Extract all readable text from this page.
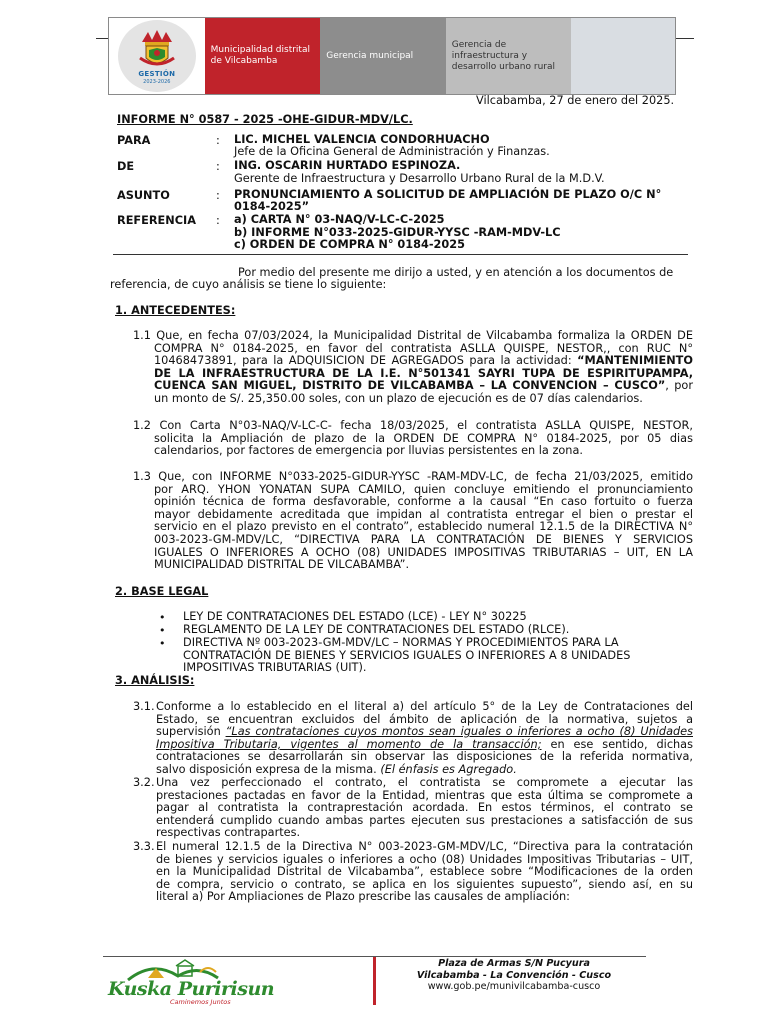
GESTIÓN
2023-2026
Municipalidad distrital de Vilcabamba
Gerencia municipal
Gerencia de infraestructura y desarrollo urbano rural
Vilcabamba, 27 de enero del 2025.
INFORME N° 0587 - 2025 -OHE-GIDUR-MDV/LC.
PARA	: LIC. MICHEL VALENCIA CONDORHUACHO
Jefe de la Oficina General de Administración y Finanzas.
DE	: ING. OSCARIN HURTADO ESPINOZA.
Gerente de Infraestructura y Desarrollo Urbano Rural de la M.D.V.
ASUNTO	: PRONUNCIAMIENTO A SOLICITUD DE AMPLIACIÓN DE PLAZO O/C N°
0184-2025”
REFERENCIA : a) CARTA N° 03-NAQ/V-LC-C-2025
b) INFORME N°033-2025-GIDUR-YYSC -RAM-MDV-LC
c) ORDEN DE COMPRA N° 0184-2025
Por medio del presente me dirijo a usted, y en atención a los documentos de
referencia, de cuyo análisis se tiene lo siguiente:
1. ANTECEDENTES:
1.1 Que, en fecha 07/03/2024, la Municipalidad Distrital de Vilcabamba formaliza la ORDEN DE
COMPRA N° 0184-2025, en favor del contratista ASLLA QUISPE, NESTOR,, con RUC N°
10468473891, para la ADQUISICION DE AGREGADOS para la actividad: “MANTENIMIENTO
DE LA INFRAESTRUCTURA DE LA I.E. N°501341 SAYRI TUPA DE ESPIRITUPAMPA,
CUENCA SAN MIGUEL, DISTRITO DE VILCABAMBA – LA CONVENCION – CUSCO”, por
un monto de S/. 25,350.00 soles, con un plazo de ejecución es de 07 días calendarios.
1.2 Con Carta N°03-NAQ/V-LC-C- fecha 18/03/2025, el contratista ASLLA QUISPE, NESTOR,
solicita la Ampliación de plazo de la ORDEN DE COMPRA N° 0184-2025, por 05 dias
calendarios, por factores de emergencia por lluvias persistentes en la zona.
1.3 Que, con INFORME N°033-2025-GIDUR-YYSC -RAM-MDV-LC, de fecha 21/03/2025, emitido
por ARQ. YHON YONATAN SUPA CAMILO, quien concluye emitiendo el pronunciamiento
opinión técnica de forma desfavorable, conforme a la causal “En caso fortuito o fuerza
mayor debidamente acreditada que impidan al contratista entregar el bien o prestar el
servicio en el plazo previsto en el contrato”, establecido numeral 12.1.5 de la DIRECTIVA N°
003-2023-GM-MDV/LC, “DIRECTIVA PARA LA CONTRATACIÓN DE BIENES Y SERVICIOS
IGUALES O INFERIORES A OCHO (08) UNIDADES IMPOSITIVAS TRIBUTARIAS – UIT, EN LA
MUNICIPALIDAD DISTRITAL DE VILCABAMBA”.
2. BASE LEGAL
• LEY DE CONTRATACIONES DEL ESTADO (LCE) - LEY N° 30225
• REGLAMENTO DE LA LEY DE CONTRATACIONES DEL ESTADO (RLCE).
• DIRECTIVA Nº 003-2023-GM-MDV/LC – NORMAS Y PROCEDIMIENTOS PARA LA
CONTRATACIÓN DE BIENES Y SERVICIOS IGUALES O INFERIORES A 8 UNIDADES
IMPOSITIVAS TRIBUTARIAS (UIT).
3. ANÁLISIS:
3.1. Conforme a lo establecido en el literal a) del artículo 5° de la Ley de Contrataciones del
Estado, se encuentran excluidos del ámbito de aplicación de la normativa, sujetos a
supervisión “Las contrataciones cuyos montos sean iguales o inferiores a ocho (8) Unidades
Impositiva Tributaria, vigentes al momento de la transacción; en ese sentido, dichas
contrataciones se desarrollarán sin observar las disposiciones de la referida normativa,
salvo disposición expresa de la misma. (El énfasis es Agregado.
3.2. Una vez perfeccionado el contrato, el contratista se compromete a ejecutar las
prestaciones pactadas en favor de la Entidad, mientras que esta última se compromete a
pagar al contratista la contraprestación acordada. En estos términos, el contrato se
entenderá cumplido cuando ambas partes ejecuten sus prestaciones a satisfacción de sus
respectivas contrapartes.
3.3. El numeral 12.1.5 de la Directiva N° 003-2023-GM-MDV/LC, “Directiva para la contratación
de bienes y servicios iguales o inferiores a ocho (08) Unidades Impositivas Tributarias – UIT,
en la Municipalidad Distrital de Vilcabamba”, establece sobre “Modificaciones de la orden
de compra, servicio o contrato, se aplica en los siguientes supuesto”, siendo así, en su
literal a) Por Ampliaciones de Plazo prescribe las causales de ampliación:
Kuska Puririsun
Caminemos Juntos
Plaza de Armas S/N Pucyura
Vilcabamba - La Convención - Cusco
www.gob.pe/munivilcabamba-cusco
